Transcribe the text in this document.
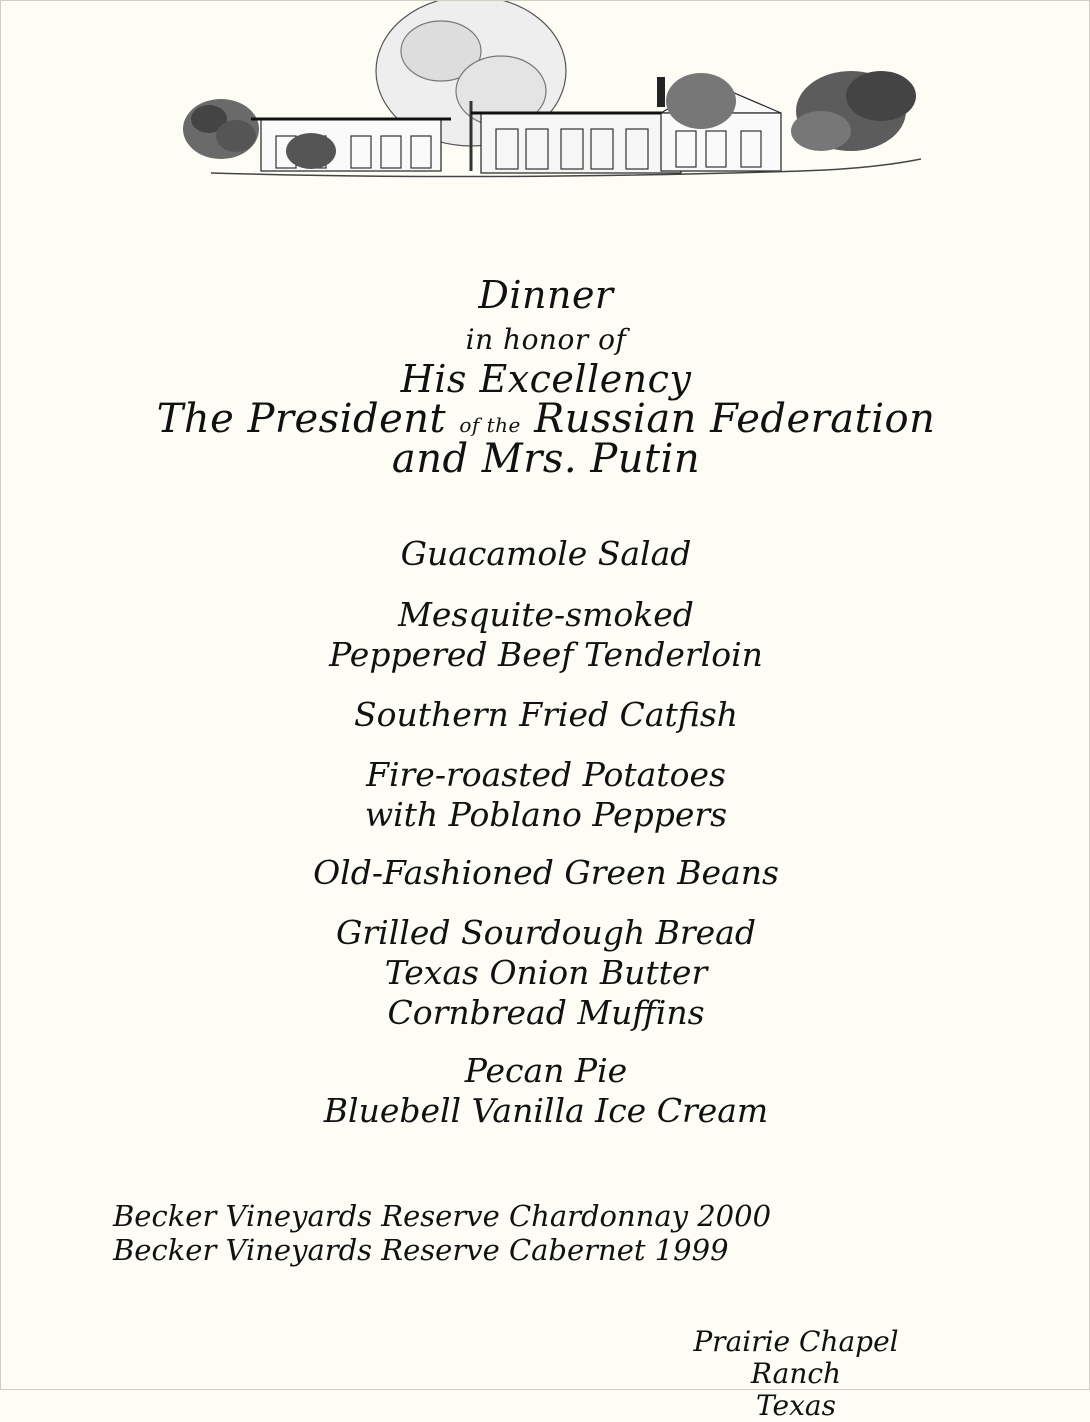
Dinner
in honor of
His Excellency
The President of the Russian Federation
and Mrs. Putin
Guacamole Salad
Mesquite-smoked
Peppered Beef Tenderloin
Southern Fried Catfish
Fire-roasted Potatoes
with Poblano Peppers
Old-Fashioned Green Beans
Grilled Sourdough Bread
Texas Onion Butter
Cornbread Muffins
Pecan Pie
Bluebell Vanilla Ice Cream
Becker Vineyards Reserve Chardonnay 2000
Becker Vineyards Reserve Cabernet 1999
Prairie Chapel Ranch
Texas
